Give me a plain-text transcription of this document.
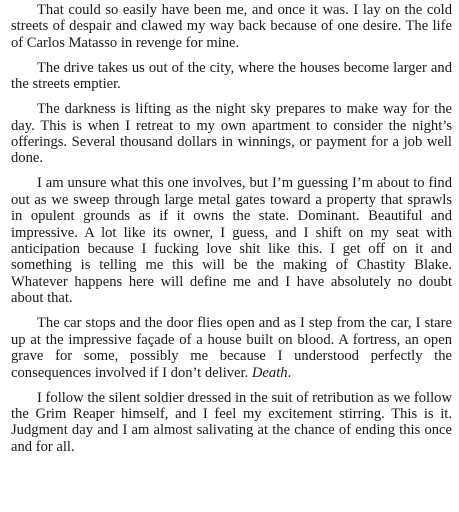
That could so easily have been me, and once it was. I lay on the cold streets of despair and clawed my way back because of one desire. The life of Carlos Matasso in revenge for mine.

The drive takes us out of the city, where the houses become larger and the streets emptier.

The darkness is lifting as the night sky prepares to make way for the day. This is when I retreat to my own apartment to consider the night’s offerings. Several thousand dollars in winnings, or payment for a job well done.

I am unsure what this one involves, but I’m guessing I’m about to find out as we sweep through large metal gates toward a property that sprawls in opulent grounds as if it owns the state. Dominant. Beautiful and impressive. A lot like its owner, I guess, and I shift on my seat with anticipation because I fucking love shit like this. I get off on it and something is telling me this will be the making of Chastity Blake. Whatever happens here will define me and I have absolutely no doubt about that.

The car stops and the door flies open and as I step from the car, I stare up at the impressive façade of a house built on blood. A fortress, an open grave for some, possibly me because I understood perfectly the consequences involved if I don’t deliver. Death.

I follow the silent soldier dressed in the suit of retribution as we follow the Grim Reaper himself, and I feel my excitement stirring. This is it. Judgment day and I am almost salivating at the chance of ending this once and for all.
